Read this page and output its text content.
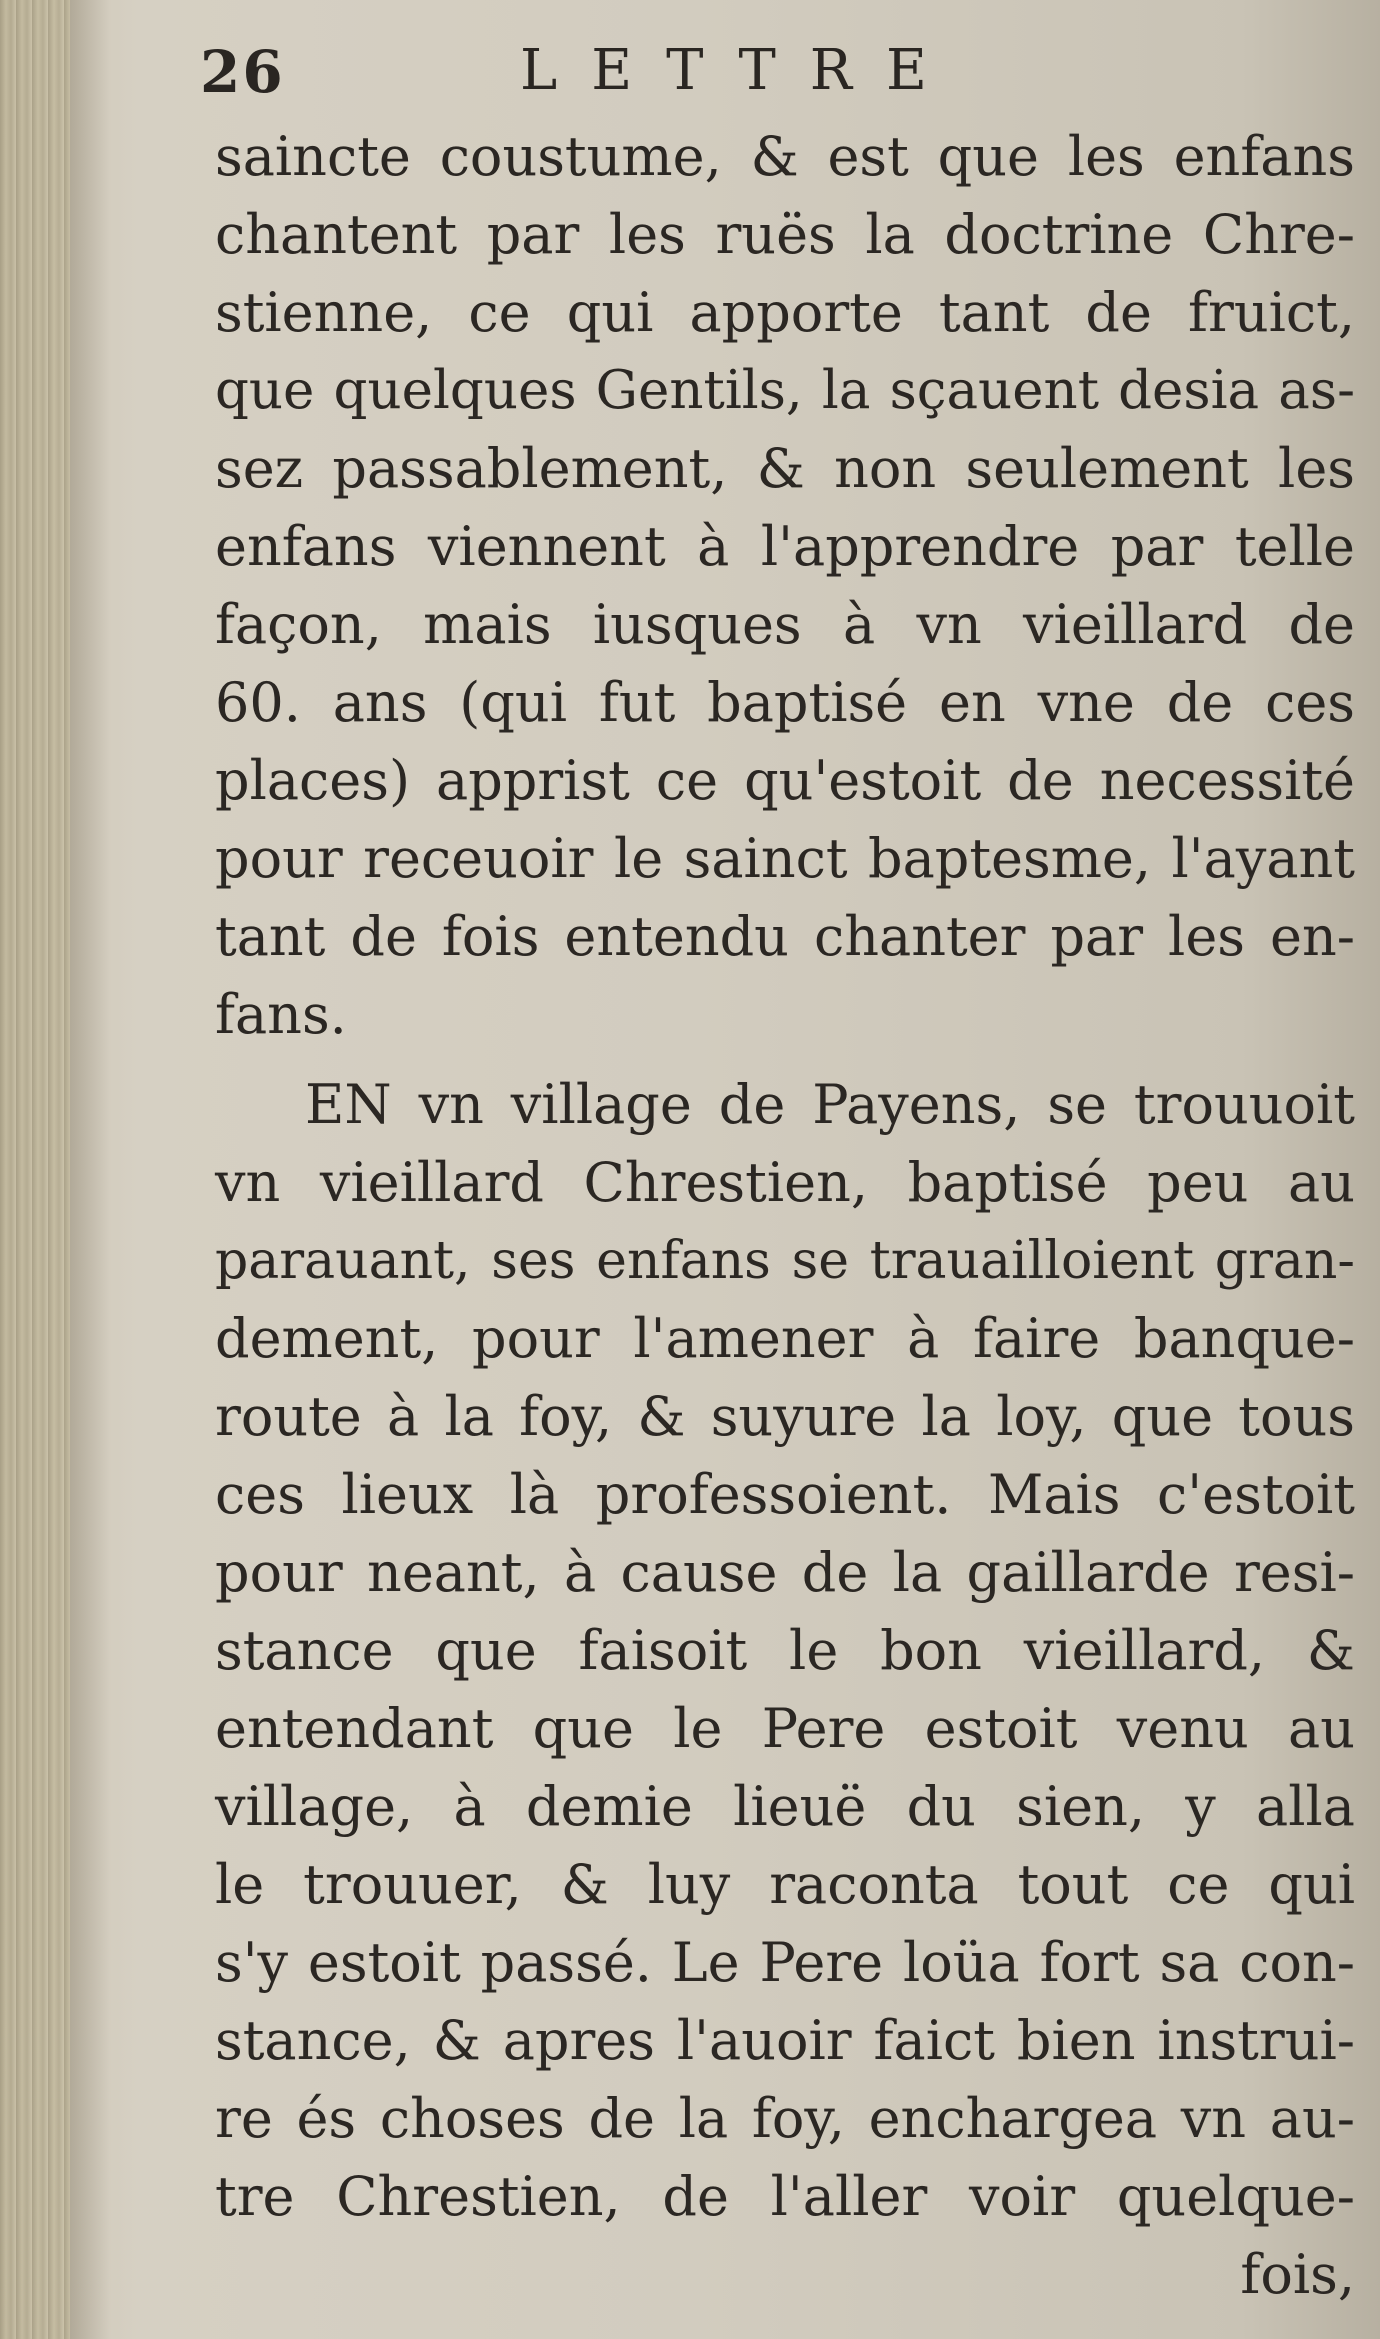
26	LETTRE
saincte coustume, & est que les enfans
chantent par les ruës la doctrine Chre-
stienne, ce qui apporte tant de fruict,
que quelques Gentils, la sçauent desia as-
sez passablement, & non seulement les
enfans viennent à l'apprendre par telle
façon, mais iusques à vn vieillard de
60. ans (qui fut baptisé en vne de ces
places) apprist ce qu'estoit de necessité
pour receuoir le sainct baptesme, l'ayant
tant de fois entendu chanter par les en-
fans.
EN vn village de Payens, se trouuoit
vn vieillard Chrestien, baptisé peu au
parauant, ses enfans se trauailloient gran-
dement, pour l'amener à faire banque-
route à la foy, & suyure la loy, que tous
ces lieux là professoient. Mais c'estoit
pour neant, à cause de la gaillarde resi-
stance que faisoit le bon vieillard, &
entendant que le Pere estoit venu au
village, à demie lieuë du sien, y alla
le trouuer, & luy raconta tout ce qui
s'y estoit passé. Le Pere loüa fort sa con-
stance, & apres l'auoir faict bien instrui-
re és choses de la foy, enchargea vn au-
tre Chrestien, de l'aller voir quelque-
fois,
